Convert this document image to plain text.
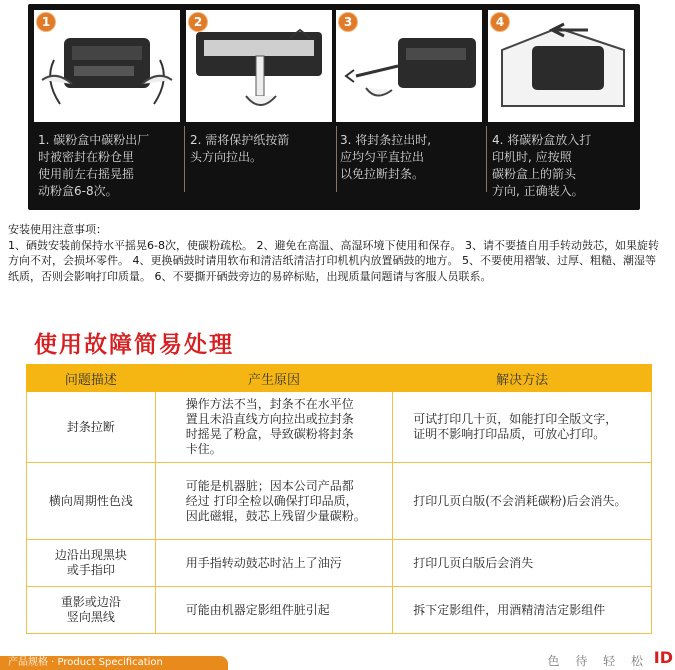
1
1. 碳粉盒中碳粉出厂
时被密封在粉仓里
使用前左右摇晃摇
动粉盒6-8次。
2
2. 需将保护纸按箭
头方向拉出。
3
3. 将封条拉出时,
应均匀平直拉出
以免拉断封条。
4
4. 将碳粉盒放入打
印机时, 应按照
碳粉盒上的箭头
方向, 正确装入。

安装使用注意事项：

1、硒鼓安装前保持水平摇晃6-8次，使碳粉疏松。 2、避免在高温、高湿环境下使用和保存。 3、请不要揸自用手转动鼓芯，如果旋转方向不对，会损坏零件。 4、更换硒鼓时请用软布和清洁纸清洁打印机机内放置硒鼓的地方。 5、不要使用褶皱、过厚、粗糙、潮湿等纸质，否则会影响打印质量。 6、不要撕开硒鼓旁边的易碎标贴，出现质量问题请与客服人员联系。

使用故障简易处理
问题描述	产生原因	解决方法

封条拉断	操作方法不当，封条不在水平位
置且未沿直线方向拉出或拉封条
时摇晃了粉盒，导致碳粉将封条
卡住。	可试打印几十页，如能打印全版文字，
证明不影响打印品质，可放心打印。

横向周期性色浅	可能是机器脏；因本公司产品都
经过 打印全检以确保打印品质，
因此磁辊，鼓芯上残留少量碳粉。	打印几页白版(不会消耗碳粉)后会消失。

边沿出现黑块
或手指印	用手指转动鼓芯时沾上了油污	打印几页白版后会消失

重影或边沿
竖向黑线	可能由机器定影组件脏引起	拆下定影组件，用酒精清洁定影组件
产品规格 · Product Specification	色 待 轻 松 ID
